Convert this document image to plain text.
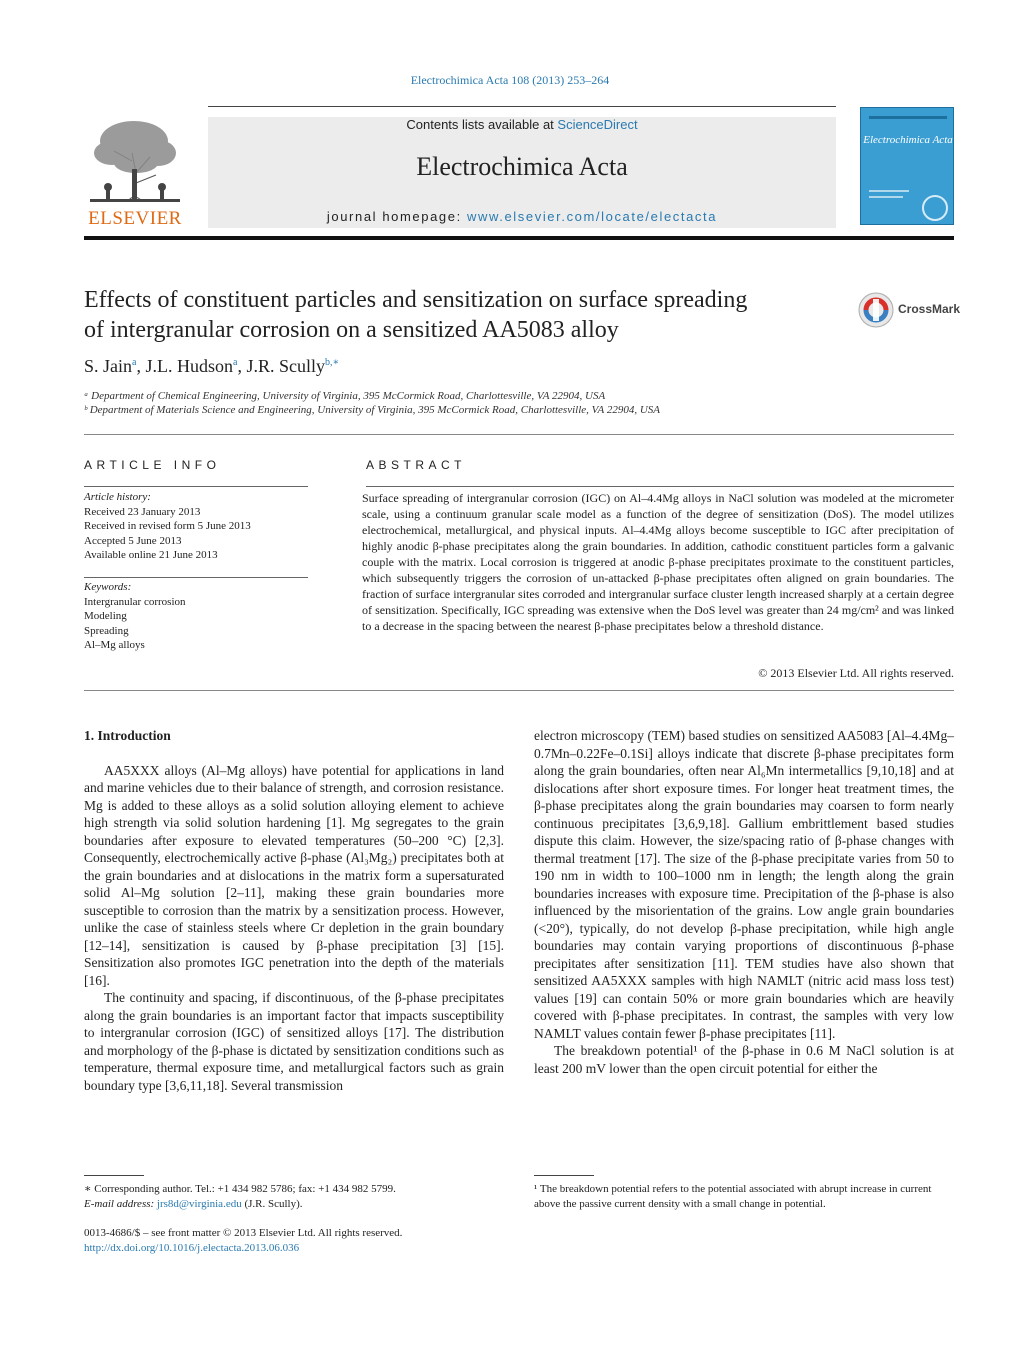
Electrochimica Acta 108 (2013) 253–264
Contents lists available at ScienceDirect
Electrochimica Acta
journal homepage: www.elsevier.com/locate/electacta
ELSEVIER
Electrochimica Acta
Effects of constituent particles and sensitization on surface spreading
of intergranular corrosion on a sensitized AA5083 alloy
CrossMark
S. Jain$^a$, J.L. Hudson$^a$, J.R. Scully$^{b,∗}$
ᵃ Department of Chemical Engineering, University of Virginia, 395 McCormick Road, Charlottesville, VA 22904, USA
ᵇ Department of Materials Science and Engineering, University of Virginia, 395 McCormick Road, Charlottesville, VA 22904, USA
ARTICLE INFO	ABSTRACT
Article history:
Received 23 January 2013
Received in revised form 5 June 2013
Accepted 5 June 2013
Available online 21 June 2013
Keywords:
Intergranular corrosion
Modeling
Spreading
Al–Mg alloys
Surface spreading of intergranular corrosion (IGC) on Al–4.4Mg alloys in NaCl solution was modeled at the micrometer scale, using a continuum granular scale model as a function of the degree of sensitization (DoS). The model utilizes electrochemical, metallurgical, and physical inputs. Al–4.4Mg alloys become susceptible to IGC after precipitation of highly anodic β-phase precipitates along the grain boundaries. In addition, cathodic constituent particles form a galvanic couple with the matrix. Local corrosion is triggered at anodic β-phase precipitates proximate to the constituent particles, which subsequently triggers the corrosion of un-attacked β-phase precipitates often aligned on grain boundaries. The fraction of surface intergranular sites corroded and intergranular surface cluster length increased sharply at a certain degree of sensitization. Specifically, IGC spreading was extensive when the DoS level was greater than 24 mg/cm² and was linked to a decrease in the spacing between the nearest β-phase precipitates below a threshold distance.
© 2013 Elsevier Ltd. All rights reserved.
1. Introduction
AA5XXX alloys (Al–Mg alloys) have potential for applications in land and marine vehicles due to their balance of strength, and corrosion resistance. Mg is added to these alloys as a solid solution alloying element to achieve high strength via solid solution hardening [1]. Mg segregates to the grain boundaries after exposure to elevated temperatures (50–200 °C) [2,3]. Consequently, electrochemically active β-phase (Al₃Mg₂) precipitates both at the grain boundaries and at dislocations in the matrix form a supersaturated solid Al–Mg solution [2–11], making these grain boundaries more susceptible to corrosion than the matrix by a sensitization process. However, unlike the case of stainless steels where Cr depletion in the grain boundary [12–14], sensitization is caused by β-phase precipitation [3] [15]. Sensitization also promotes IGC penetration into the depth of the materials [16].
The continuity and spacing, if discontinuous, of the β-phase precipitates along the grain boundaries is an important factor that impacts susceptibility to intergranular corrosion (IGC) of sensitized alloys [17]. The distribution and morphology of the β-phase is dictated by sensitization conditions such as temperature, thermal exposure time, and metallurgical factors such as grain boundary type [3,6,11,18]. Several transmission
electron microscopy (TEM) based studies on sensitized AA5083 [Al–4.4Mg–0.7Mn–0.22Fe–0.1Si] alloys indicate that discrete β-phase precipitates form along the grain boundaries, often near Al₆Mn intermetallics [9,10,18] and at dislocations after short exposure times. For longer heat treatment times, the β-phase precipitates along the grain boundaries may coarsen to form nearly continuous precipitates [3,6,9,18]. Gallium embrittlement based studies dispute this claim. However, the size/spacing ratio of β-phase changes with thermal treatment [17]. The size of the β-phase precipitate varies from 50 to 190 nm in width to 100–1000 nm in length; the length along the grain boundaries increases with exposure time. Precipitation of the β-phase is also influenced by the misorientation of the grains. Low angle grain boundaries (<20°), typically, do not develop β-phase precipitation, while high angle boundaries may contain varying proportions of discontinuous β-phase precipitates after sensitization [11]. TEM studies have also shown that sensitized AA5XXX samples with high NAMLT (nitric acid mass loss test) values [19] can contain 50% or more grain boundaries which are heavily covered with β-phase precipitates. In contrast, the samples with very low NAMLT values contain fewer β-phase precipitates [11].
The breakdown potential¹ of the β-phase in 0.6 M NaCl solution is at least 200 mV lower than the open circuit potential for either the
∗ Corresponding author. Tel.: +1 434 982 5786; fax: +1 434 982 5799.
E-mail address: jrs8d@virginia.edu (J.R. Scully).
¹ The breakdown potential refers to the potential associated with abrupt increase in current above the passive current density with a small change in potential.
0013-4686/$ – see front matter © 2013 Elsevier Ltd. All rights reserved.
http://dx.doi.org/10.1016/j.electacta.2013.06.036
